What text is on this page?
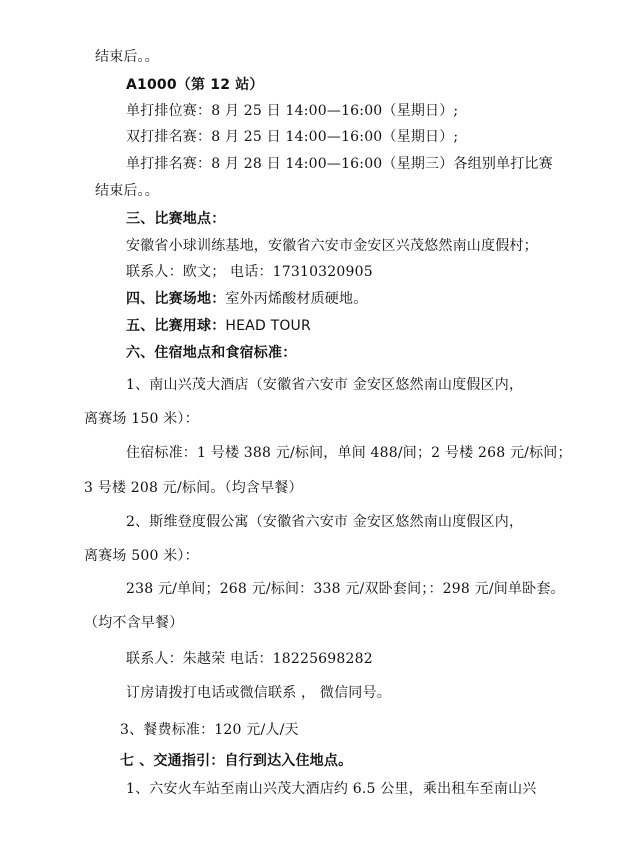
结束后。。
A1000（第 12 站）
单打排位赛：8 月 25 日 14:00—16:00（星期日）;
双打排名赛：8 月 25 日 14:00—16:00（星期日）;
单打排名赛：8 月 28 日 14:00—16:00（星期三）各组别单打比赛
结束后。。
三、比赛地点：
安徽省小球训练基地，安徽省六安市金安区兴茂悠然南山度假村；
联系人：欧文； 电话：17310320905
四、比赛场地：室外丙烯酸材质硬地。
五、比赛用球：HEAD TOUR
六、住宿地点和食宿标准：
1、南山兴茂大酒店（安徽省六安市 金安区悠然南山度假区内，
离赛场 150 米）：
住宿标准：1 号楼 388 元/标间，单间 488/间；2 号楼 268 元/标间；
3 号楼 208 元/标间。（均含早餐）
2、斯维登度假公寓（安徽省六安市 金安区悠然南山度假区内，
离赛场 500 米）：
238 元/单间；268 元/标间：338 元/双卧套间；：298 元/间单卧套。
（均不含早餐）
联系人：朱越荣 电话：18225698282
订房请拨打电话或微信联系 ， 微信同号。
3、餐费标准：120 元/人/天
七 、交通指引：自行到达入住地点。
1、六安火车站至南山兴茂大酒店约 6.5 公里，乘出租车至南山兴
